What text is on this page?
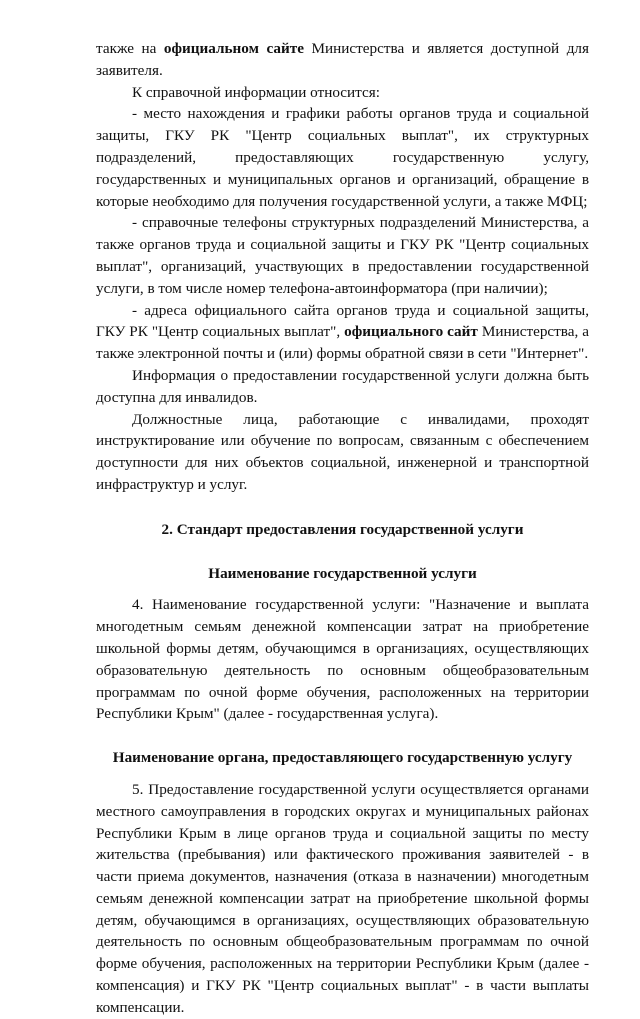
также на официальном сайте Министерства и является доступной для заявителя.

К справочной информации относится:

- место нахождения и графики работы органов труда и социальной защиты, ГКУ РК "Центр социальных выплат", их структурных подразделений, предоставляющих государственную услугу, государственных и муниципальных органов и организаций, обращение в которые необходимо для получения государственной услуги, а также МФЦ;

- справочные телефоны структурных подразделений Министерства, а также органов труда и социальной защиты и ГКУ РК "Центр социальных выплат", организаций, участвующих в предоставлении государственной услуги, в том числе номер телефона-автоинформатора (при наличии);

- адреса официального сайта органов труда и социальной защиты, ГКУ РК "Центр социальных выплат", официального сайт Министерства, а также электронной почты и (или) формы обратной связи в сети "Интернет".

Информация о предоставлении государственной услуги должна быть доступна для инвалидов.

Должностные лица, работающие с инвалидами, проходят инструктирование или обучение по вопросам, связанным с обеспечением доступности для них объектов социальной, инженерной и транспортной инфраструктур и услуг.

2. Стандарт предоставления государственной услуги

Наименование государственной услуги

4. Наименование государственной услуги: "Назначение и выплата многодетным семьям денежной компенсации затрат на приобретение школьной формы детям, обучающимся в организациях, осуществляющих образовательную деятельность по основным общеобразовательным программам по очной форме обучения, расположенных на территории Республики Крым" (далее - государственная услуга).

Наименование органа, предоставляющего государственную услугу

5. Предоставление государственной услуги осуществляется органами местного самоуправления в городских округах и муниципальных районах Республики Крым в лице органов труда и социальной защиты по месту жительства (пребывания) или фактического проживания заявителей - в части приема документов, назначения (отказа в назначении) многодетным семьям денежной компенсации затрат на приобретение школьной формы детям, обучающимся в организациях, осуществляющих образовательную деятельность по основным общеобразовательным программам по очной форме обучения, расположенных на территории Республики Крым (далее - компенсация) и ГКУ РК "Центр социальных выплат" - в части выплаты компенсации.
